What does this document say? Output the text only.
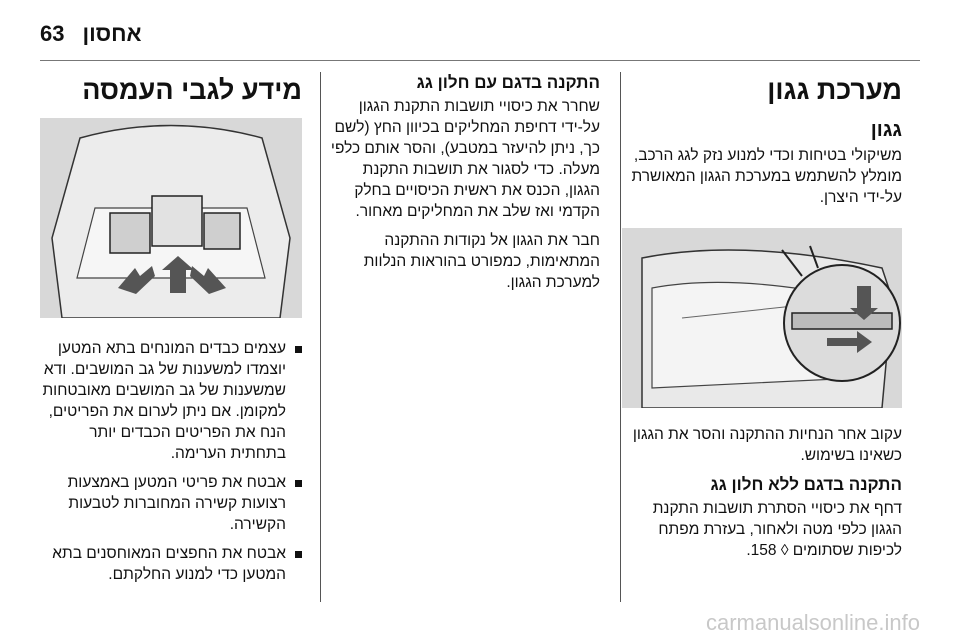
63 אחסון
מערכת גגון
גגון

משיקולי בטיחות וכדי למנוע נזק לגג הרכב, מומלץ להשתמש במערכת הגגון המאושרת על-ידי היצרן.

עקוב אחר הנחיות ההתקנה והסר את הגגון כשאינו בשימוש.

התקנה בדגם ללא חלון גג

דחף את כיסויי הסתרת תושבות התקנת הגגון כלפי מטה ולאחור, בעזרת מפתח לכיפות שסתומים ◊ 158.

התקנה בדגם עם חלון גג

שחרר את כיסויי תושבות התקנת הגגון על-ידי דחיפת המחליקים בכיוון החץ (לשם כך, ניתן להיעזר במטבע), והסר אותם כלפי מעלה. כדי לסגור את תושבות התקנת הגגון, הכנס את ראשית הכיסויים בחלק הקדמי ואז שלב את המחליקים מאחור.

חבר את הגגון אל נקודות ההתקנה המתאימות, כמפורט בהוראות הנלוות למערכת הגגון.

מידע לגבי העמסה
עצמים כבדים המונחים בתא המטען יוצמדו למשענות של גב המושבים. ודא שמשענות של גב המושבים מאובטחות למקומן. אם ניתן לערום את הפריטים, הנח את הפריטים הכבדים יותר בתחתית הערימה.
אבטח את פריטי המטען באמצעות רצועות קשירה המחוברות לטבעות הקשירה.
אבטח את החפצים המאוחסנים בתא המטען כדי למנוע החלקתם.
carmanualsonline.info
